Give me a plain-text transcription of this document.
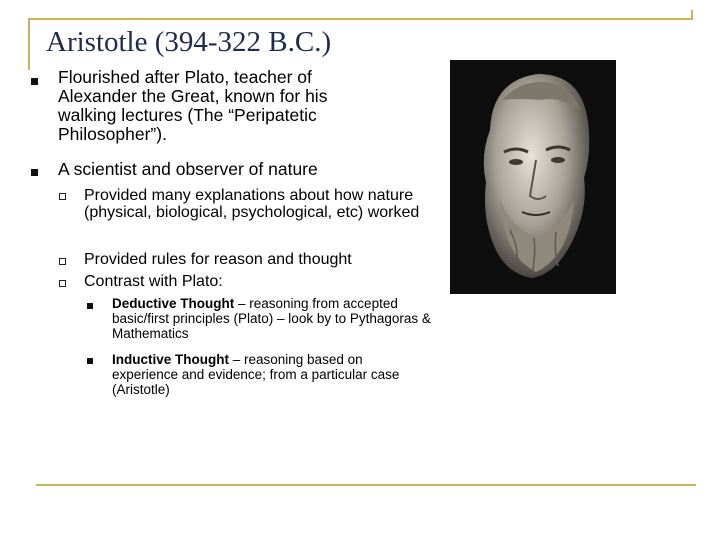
Aristotle (394-322 B.C.)
Flourished after Plato, teacher of Alexander the Great, known for his walking lectures (The “Peripatetic Philosopher”).
A scientist and observer of nature
Provided many explanations about how nature (physical, biological, psychological, etc) worked
Provided rules for reason and thought
Contrast with Plato:
Deductive Thought – reasoning from accepted basic/first principles (Plato) – look by to Pythagoras & Mathematics
Inductive Thought – reasoning based on experience and evidence; from a particular case (Aristotle)
